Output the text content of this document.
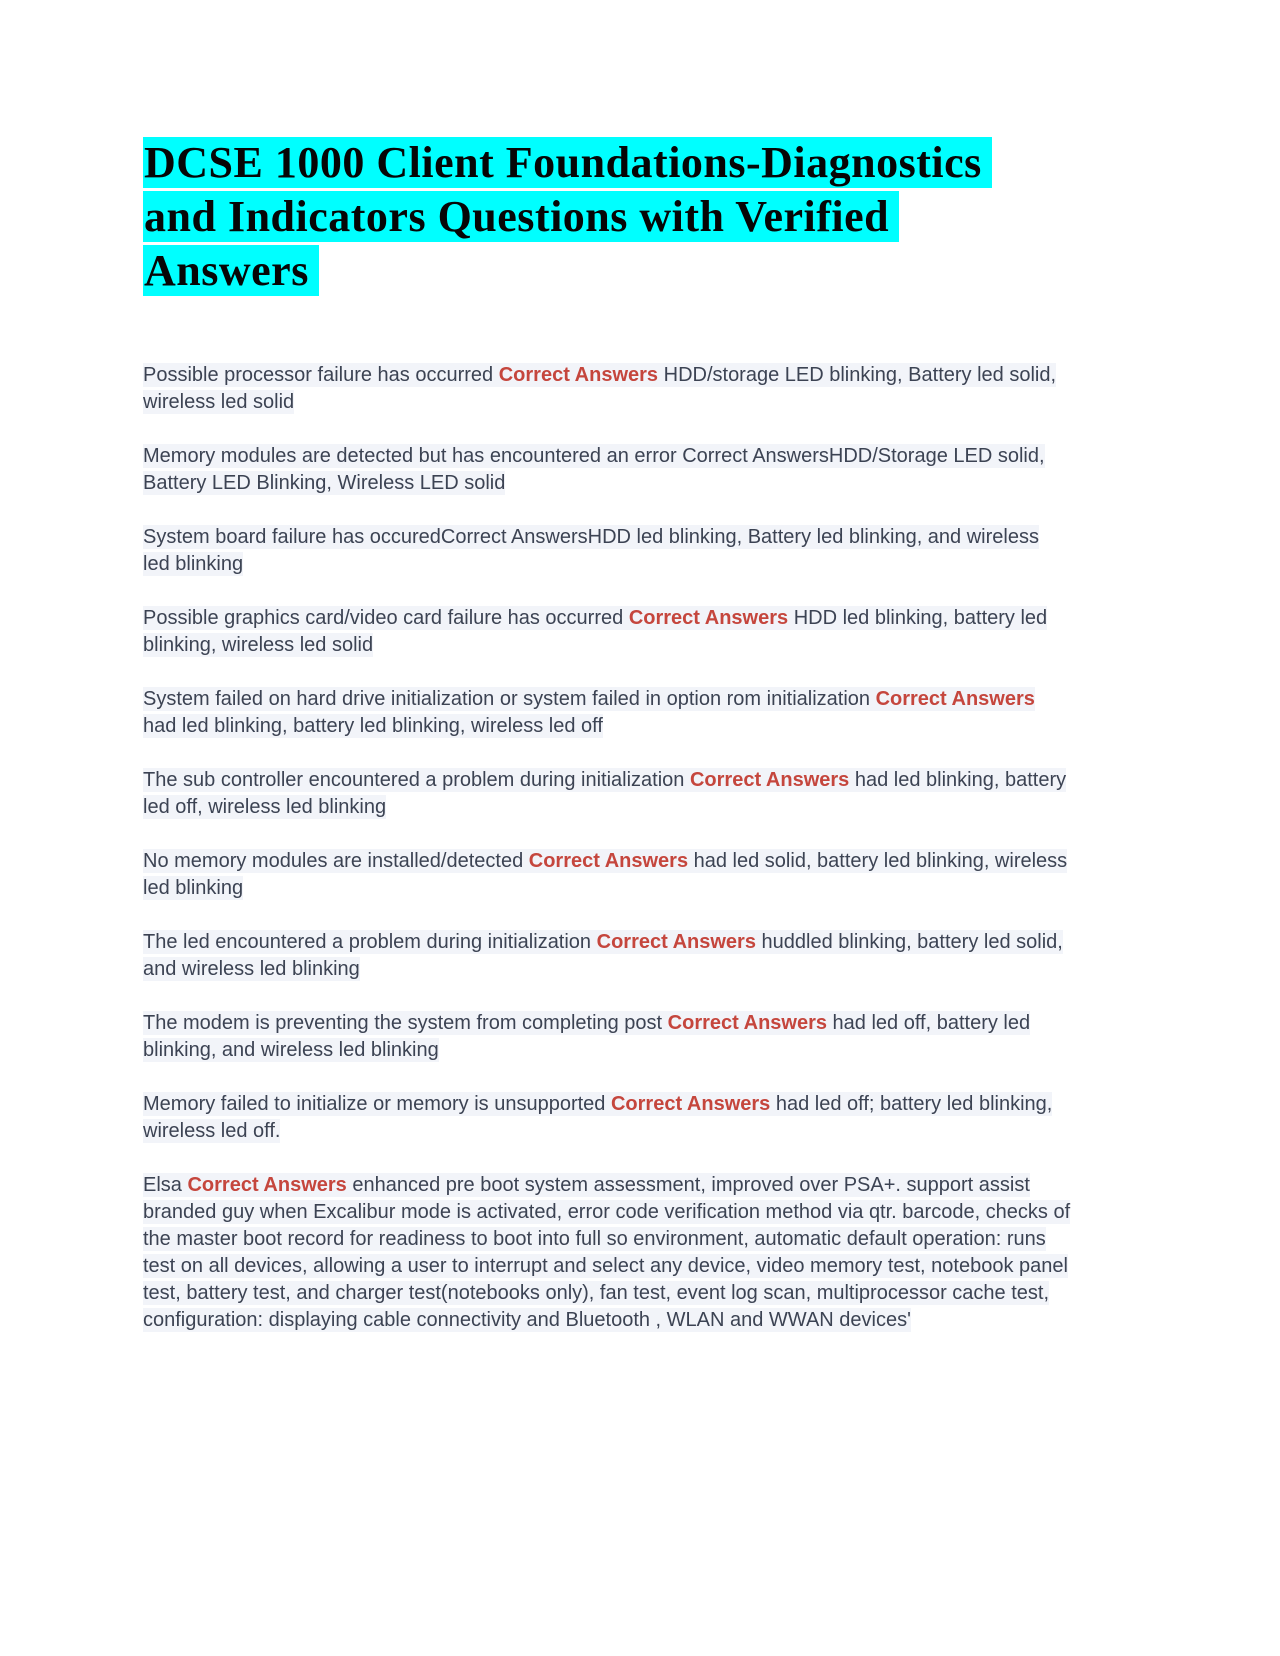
DCSE 1000 Client Foundations-Diagnostics
and Indicators Questions with Verified
Answers

Possible processor failure has occurred Correct Answers HDD/storage LED blinking, Battery led solid, wireless led solid

Memory modules are detected but has encountered an error Correct AnswersHDD/Storage LED solid, Battery LED Blinking, Wireless LED solid

System board failure has occuredCorrect AnswersHDD led blinking, Battery led blinking, and wireless led blinking

Possible graphics card/video card failure has occurred Correct Answers HDD led blinking, battery led blinking, wireless led solid

System failed on hard drive initialization or system failed in option rom initialization Correct Answers had led blinking, battery led blinking, wireless led off

The sub controller encountered a problem during initialization Correct Answers had led blinking, battery led off, wireless led blinking

No memory modules are installed/detected Correct Answers had led solid, battery led blinking, wireless led blinking

The led encountered a problem during initialization Correct Answers huddled blinking, battery led solid, and wireless led blinking

The modem is preventing the system from completing post Correct Answers had led off, battery led blinking, and wireless led blinking

Memory failed to initialize or memory is unsupported Correct Answers had led off; battery led blinking, wireless led off.

Elsa Correct Answers enhanced pre boot system assessment, improved over PSA+. support assist branded guy when Excalibur mode is activated, error code verification method via qtr. barcode, checks of the master boot record for readiness to boot into full so environment, automatic default operation: runs test on all devices, allowing a user to interrupt and select any device, video memory test, notebook panel test, battery test, and charger test(notebooks only), fan test, event log scan, multiprocessor cache test, configuration: displaying cable connectivity and Bluetooth , WLAN and WWAN devices'
